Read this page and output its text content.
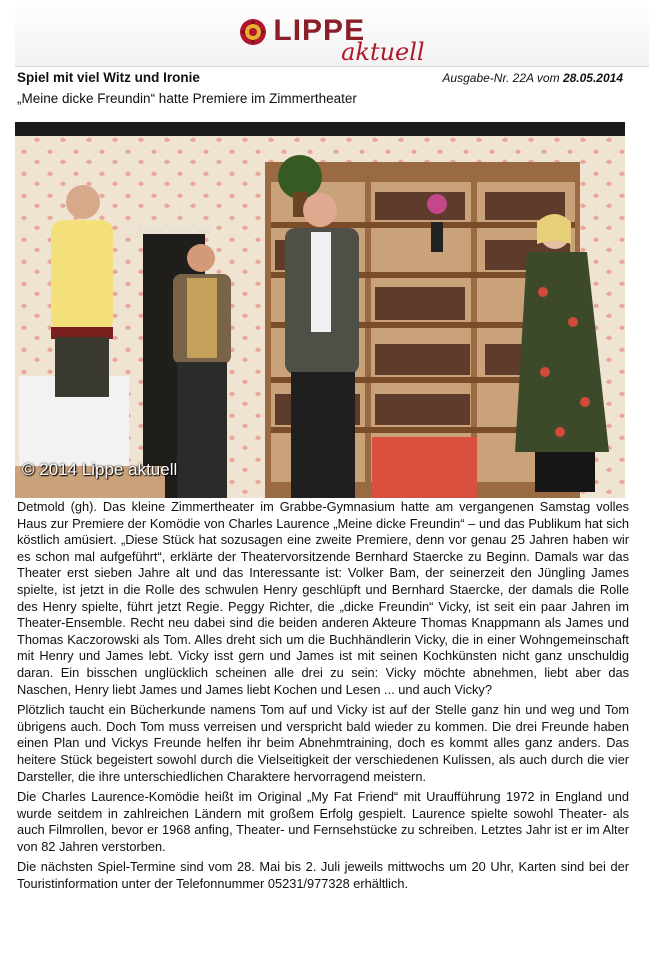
LIPPE
aktuell
Spiel mit viel Witz und Ironie	Ausgabe-Nr. 22A vom 28.05.2014
„Meine dicke Freundin“ hatte Premiere im Zimmertheater
© 2014 Lippe aktuell

Detmold (gh). Das kleine Zimmertheater im Grabbe-Gymnasium hatte am vergangenen Samstag volles Haus zur Premiere der Komödie von Charles Laurence „Meine dicke Freundin“ – und das Publikum hat sich köstlich amüsiert. „Diese Stück hat sozusagen eine zweite Premiere, denn vor genau 25 Jahren haben wir es schon mal aufgeführt“, erklärte der Theatervorsitzende Bernhard Staercke zu Beginn. Damals war das Theater erst sieben Jahre alt und das Interessante ist: Volker Bam, der seinerzeit den Jüngling James spielte, ist jetzt in die Rolle des schwulen Henry geschlüpft und Bernhard Staercke, der damals die Rolle des Henry spielte, führt jetzt Regie. Peggy Richter, die „dicke Freundin“ Vicky, ist seit ein paar Jahren im Theater-Ensemble. Recht neu dabei sind die beiden anderen Akteure Thomas Knappmann als James und Thomas Kaczorowski als Tom. Alles dreht sich um die Buchhändlerin Vicky, die in einer Wohngemeinschaft mit Henry und James lebt. Vicky isst gern und James ist mit seinen Kochkünsten nicht ganz unschuldig daran. Ein bisschen unglücklich scheinen alle drei zu sein: Vicky möchte abnehmen, liebt aber das Naschen, Henry liebt James und James liebt Kochen und Lesen ... und auch Vicky?

Plötzlich taucht ein Bücherkunde namens Tom auf und Vicky ist auf der Stelle ganz hin und weg und Tom übrigens auch. Doch Tom muss verreisen und verspricht bald wieder zu kommen. Die drei Freunde haben einen Plan und Vickys Freunde helfen ihr beim Abnehmtraining, doch es kommt alles ganz anders. Das heitere Stück begeistert sowohl durch die Vielseitigkeit der verschiedenen Kulissen, als auch durch die vier Darsteller, die ihre unterschiedlichen Charaktere hervorragend meistern.

Die Charles Laurence-Komödie heißt im Original „My Fat Friend“ mit Uraufführung 1972 in England und wurde seitdem in zahlreichen Ländern mit großem Erfolg gespielt. Laurence spielte sowohl Theater- als auch Filmrollen, bevor er 1968 anfing, Theater- und Fernsehstücke zu schreiben. Letztes Jahr ist er im Alter von 82 Jahren verstorben.

Die nächsten Spiel-Termine sind vom 28. Mai bis 2. Juli jeweils mittwochs um 20 Uhr, Karten sind bei der Touristinformation unter der Telefonnummer 05231/977328 erhältlich.
